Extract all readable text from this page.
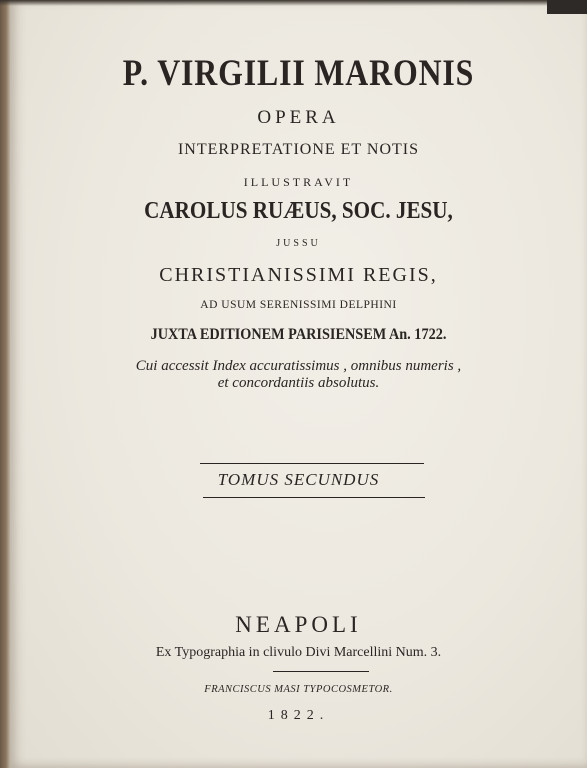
P. VIRGILII MARONIS
OPERA
INTERPRETATIONE ET NOTIS
ILLUSTRAVIT
CAROLUS RUÆUS, SOC. JESU,
JUSSU
CHRISTIANISSIMI REGIS,
AD USUM SERENISSIMI DELPHINI
JUXTA EDITIONEM PARISIENSEM An. 1722.
Cui accessit Index accuratissimus , omnibus numeris ,
et concordantiis absolutus.
TOMUS SECUNDUS
NEAPOLI
Ex Typographia in clivulo Divi Marcellini Num. 3.
FRANCISCUS MASI TYPOCOSMETOR.
1822.
